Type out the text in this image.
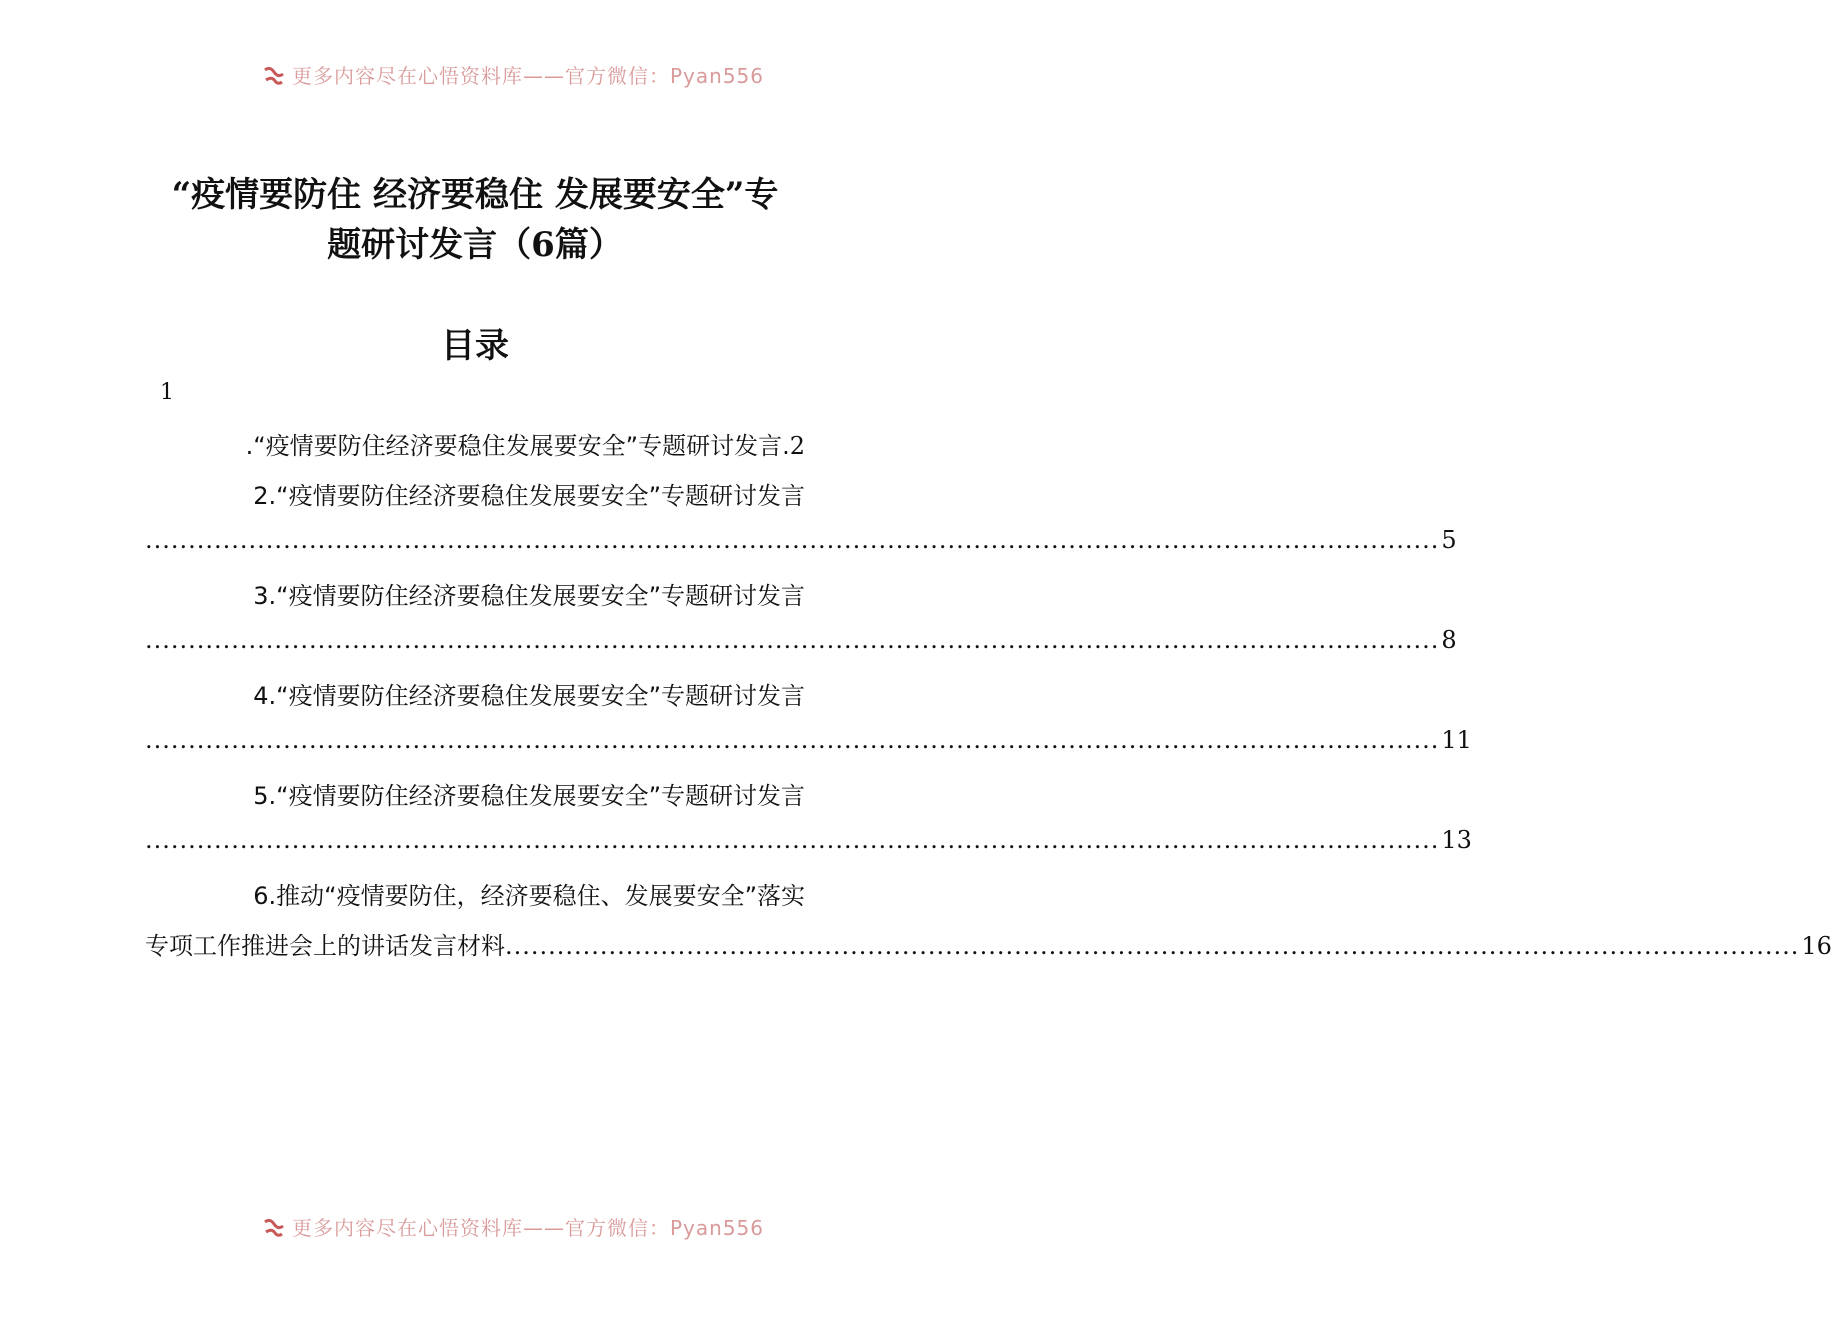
更多内容尽在心悟资料库——官方微信：Pyan556
“疫情要防住 经济要稳住 发展要安全”专
题研讨发言（6篇）
目录
1
.“疫情要防住经济要稳住发展要安全”专题研讨发言.2
2.“疫情要防住经济要稳住发展要安全”专题研讨发言
...................................................................................................................................................... 5
3.“疫情要防住经济要稳住发展要安全”专题研讨发言
...................................................................................................................................................... 8
4.“疫情要防住经济要稳住发展要安全”专题研讨发言
...................................................................................................................................................... 11
5.“疫情要防住经济要稳住发展要安全”专题研讨发言
...................................................................................................................................................... 13
6.推动“疫情要防住，经济要稳住、发展要安全”落实
专项工作推进会上的讲话发言材料 ...................................................................................................................................................... 16
更多内容尽在心悟资料库——官方微信：Pyan556
